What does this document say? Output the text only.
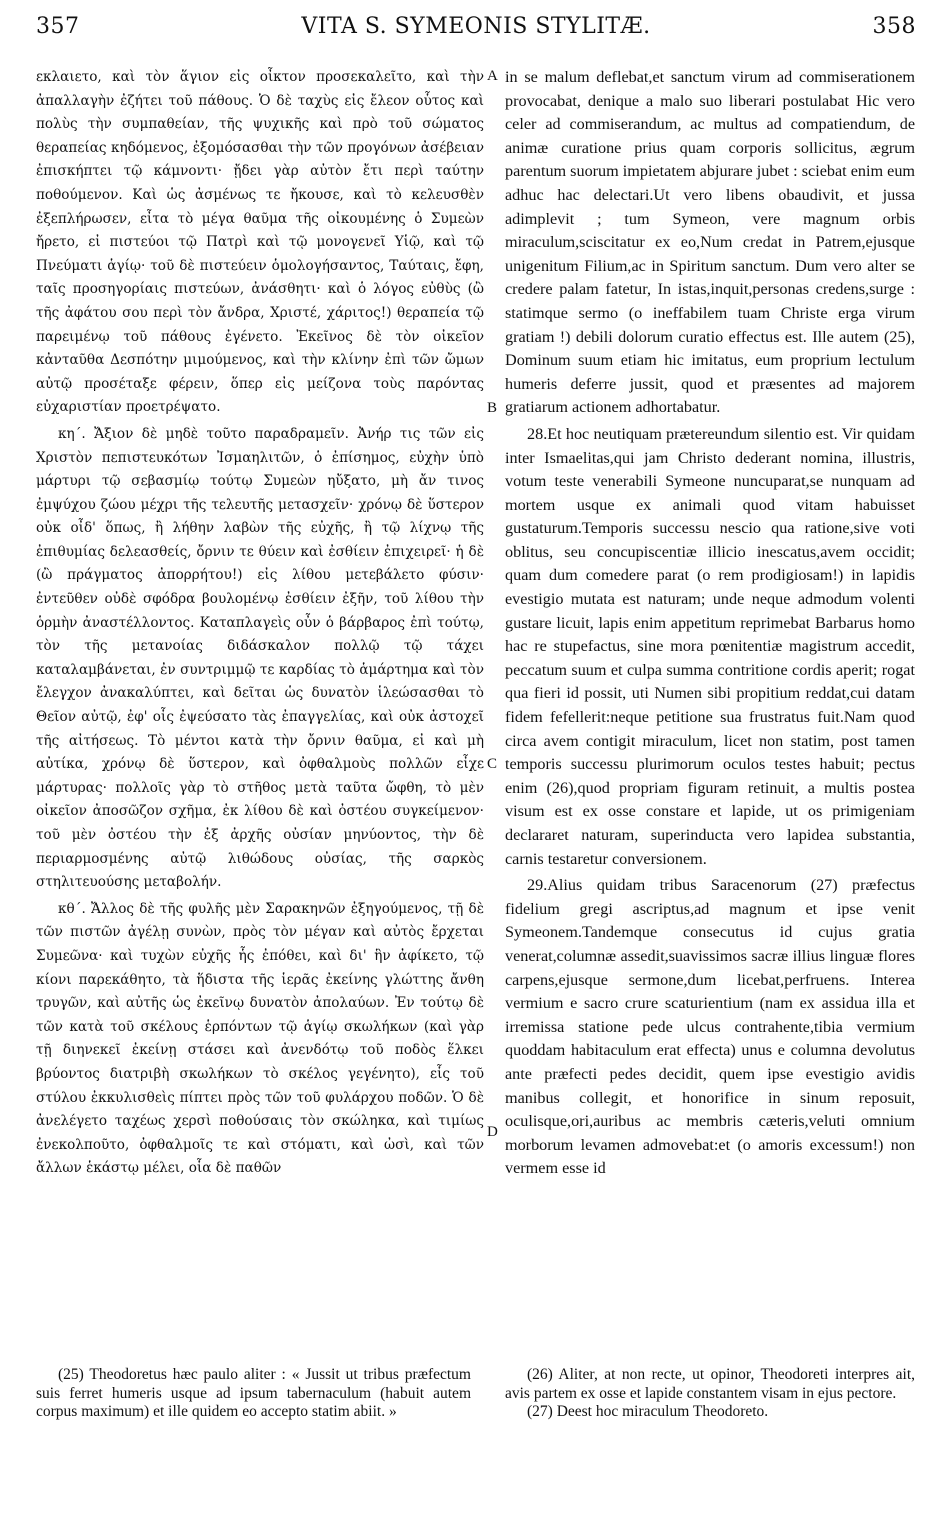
357	VITA S. SYMEONIS STYLITÆ.	358

εκλαιετο, καὶ τὸν ἅγιον εἰς οἶκτον προσεκαλεῖτο, καὶ τὴν ἀπαλλαγὴν ἐζήτει τοῦ πάθους. Ὁ δὲ ταχὺς εἰς ἔλεον οὗτος καὶ πολὺς τὴν συμπαθείαν, τῆς ψυχικῆς καὶ πρὸ τοῦ σώματος θεραπείας κηδόμενος, ἐξομόσασθαι τὴν τῶν προγόνων ἀσέβειαν ἐπισκήπτει τῷ κάμνοντι· ᾔδει γὰρ αὐτὸν ἔτι περὶ ταύτην ποθούμενον. Καὶ ὡς ἀσμένως τε ἤκουσε, καὶ τὸ κελευσθὲν ἐξεπλήρωσεν, εἶτα τὸ μέγα θαῦμα τῆς οἰκουμένης ὁ Συμεὼν ἤρετο, εἰ πιστεύοι τῷ Πατρὶ καὶ τῷ μονογενεῖ Υἱῷ, καὶ τῷ Πνεύματι ἁγίῳ· τοῦ δὲ πιστεύειν ὁμολογήσαντος, Ταύταις, ἔφη, ταῖς προσηγορίαις πιστεύων, ἀνάσθητι· καὶ ὁ λόγος εὐθὺς (ὢ τῆς ἀφάτου σου περὶ τὸν ἄνδρα, Χριστέ, χάριτος!) θεραπεία τῷ παρειμένῳ τοῦ πάθους ἐγένετο. Ἐκεῖνος δὲ τὸν οἰκεῖον κἀνταῦθα Δεσπότην μιμούμενος, καὶ τὴν κλίνην ἐπὶ τῶν ὤμων αὐτῷ προσέταξε φέρειν, ὅπερ εἰς μείζονα τοὺς παρόντας εὐχαριστίαν προετρέψατο.

κη΄. Ἄξιον δὲ μηδὲ τοῦτο παραδραμεῖν. Ἀνήρ τις τῶν εἰς Χριστὸν πεπιστευκότων Ἰσμαηλιτῶν, ὁ ἐπίσημος, εὐχὴν ὑπὸ μάρτυρι τῷ σεβασμίῳ τούτῳ Συμεὼν ηὔξατο, μὴ ἄν τινος ἐμψύχου ζώου μέχρι τῆς τελευτῆς μετασχεῖν· χρόνῳ δὲ ὕστερον οὐκ οἶδ' ὅπως, ἢ λήθην λαβὼν τῆς εὐχῆς, ἢ τῷ λίχνῳ τῆς ἐπιθυμίας δελεασθείς, ὄρνιν τε θύειν καὶ ἐσθίειν ἐπιχειρεῖ· ἡ δὲ (ὢ πράγματος ἀπορρήτου!) εἰς λίθου μετεβάλετο φύσιν· ἐντεῦθεν οὐδὲ σφόδρα βουλομένῳ ἐσθίειν ἐξῆν, τοῦ λίθου τὴν ὁρμὴν ἀναστέλλοντος. Καταπλαγεὶς οὖν ὁ βάρβαρος ἐπὶ τούτῳ, τὸν τῆς μετανοίας διδάσκαλον πολλῷ τῷ τάχει καταλαμβάνεται, ἐν συντριμμῷ τε καρδίας τὸ ἁμάρτημα καὶ τὸν ἔλεγχον ἀνακαλύπτει, καὶ δεῖται ὡς δυνατὸν ἱλεώσασθαι τὸ Θεῖον αὐτῷ, ἐφ' οἷς ἐψεύσατο τὰς ἐπαγγελίας, καὶ οὐκ ἀστοχεῖ τῆς αἰτήσεως. Τὸ μέντοι κατὰ τὴν ὄρνιν θαῦμα, εἰ καὶ μὴ αὐτίκα, χρόνῳ δὲ ὕστερον, καὶ ὀφθαλμοὺς πολλῶν εἶχε μάρτυρας· πολλοῖς γὰρ τὸ στῆθος μετὰ ταῦτα ὤφθη, τὸ μὲν οἰκεῖον ἀποσῶζον σχῆμα, ἐκ λίθου δὲ καὶ ὀστέου συγκείμενον· τοῦ μὲν ὀστέου τὴν ἐξ ἀρχῆς οὐσίαν μηνύοντος, τὴν δὲ περιαρμοσμένης αὐτῷ λιθώδους οὐσίας, τῆς σαρκὸς στηλιτευούσης μεταβολήν.

κθ΄. Ἄλλος δὲ τῆς φυλῆς μὲν Σαρακηνῶν ἐξηγούμενος, τῇ δὲ τῶν πιστῶν ἀγέλῃ συνὼν, πρὸς τὸν μέγαν καὶ αὐτὸς ἔρχεται Συμεῶνα· καὶ τυχὼν εὐχῆς ἧς ἐπόθει, καὶ δι' ἣν ἀφίκετο, τῷ κίονι παρεκάθητο, τὰ ἥδιστα τῆς ἱερᾶς ἐκείνης γλώττης ἄνθη τρυγῶν, καὶ αὐτῆς ὡς ἐκεῖνῳ δυνατὸν ἀπολαύων. Ἐν τούτῳ δὲ τῶν κατὰ τοῦ σκέλους ἑρπόντων τῷ ἁγίῳ σκωλήκων (καὶ γὰρ τῇ διηνεκεῖ ἐκείνῃ στάσει καὶ ἀνενδότῳ τοῦ ποδὸς ἕλκει βρύοντος διατριβὴ σκωλήκων τὸ σκέλος γεγένητο), εἷς τοῦ στύλου ἐκκυλισθεὶς πίπτει πρὸς τῶν τοῦ φυλάρχου ποδῶν. Ὁ δὲ ἀνελέγετο ταχέως χερσὶ ποθούσαις τὸν σκώληκα, καὶ τιμίως ἐνεκολποῦτο, ὀφθαλμοῖς τε καὶ στόματι, καὶ ὠσὶ, καὶ τῶν ἄλλων ἑκάστῳ μέλει, οἷα δὲ παθῶν

A
B
C
D

in se malum deflebat,et sanctum virum ad commiserationem provocabat, denique a malo suo liberari postulabat Hic vero celer ad commiserandum, ac multus ad compatiendum, de animæ curatione prius quam corporis sollicitus, ægrum parentum suorum impietatem abjurare jubet : sciebat enim eum adhuc hac delectari.Ut vero libens obaudivit, et jussa adimplevit ; tum Symeon, vere magnum orbis miraculum,sciscitatur ex eo,Num credat in Patrem,ejusque unigenitum Filium,ac in Spiritum sanctum. Dum vero alter se credere palam fatetur, In istas,inquit,personas credens,surge : statimque sermo (o ineffabilem tuam Christe erga virum gratiam !) debili dolorum curatio effectus est. Ille autem (25), Dominum suum etiam hic imitatus, eum proprium lectulum humeris deferre jussit, quod et præsentes ad majorem gratiarum actionem adhortabatur.

28.Et hoc neutiquam prætereundum silentio est. Vir quidam inter Ismaelitas,qui jam Christo dederant nomina, illustris, votum teste venerabili Symeone nuncuparat,se nunquam ad mortem usque ex animali quod vitam habuisset gustaturum.Temporis successu nescio qua ratione,sive voti oblitus, seu concupiscentiæ illicio inescatus,avem occidit; quam dum comedere parat (o rem prodigiosam!) in lapidis evestigio mutata est naturam; unde neque admodum volenti gustare licuit, lapis enim appetitum reprimebat Barbarus homo hac re stupefactus, sine mora pœnitentiæ magistrum accedit, peccatum suum et culpa summa contritione cordis aperit; rogat qua fieri id possit, uti Numen sibi propitium reddat,cui datam fidem fefellerit:neque petitione sua frustratus fuit.Nam quod circa avem contigit miraculum, licet non statim, post tamen temporis successu plurimorum oculos testes habuit; pectus enim (26),quod propriam figuram retinuit, a multis postea visum est ex osse constare et lapide, ut os primigeniam declararet naturam, superinducta vero lapidea substantia, carnis testaretur conversionem.

29.Alius quidam tribus Saracenorum (27) præfectus fidelium gregi ascriptus,ad magnum et ipse venit Symeonem.Tandemque consecutus id cujus gratia venerat,columnæ assedit,suavissimos sacræ illius linguæ flores carpens,ejusque sermone,dum licebat,perfruens. Interea vermium e sacro crure scaturientium (nam ex assidua illa et irremissa statione pede ulcus contrahente,tibia vermium quoddam habitaculum erat effecta) unus e columna devolutus ante præfecti pedes decidit, quem ipse evestigio avidis manibus collegit, et honorifice in sinum reposuit, oculisque,ori,auribus ac membris cæteris,veluti omnium morborum levamen admovebat:et (o amoris excessum!) non vermem esse id

(25) Theodoretus hæc paulo aliter : « Jussit ut tribus præfectum suis ferret humeris usque ad ipsum tabernaculum (habuit autem corpus maximum) et ille quidem eo accepto statim abiit. »

(26) Aliter, at non recte, ut opinor, Theodoreti interpres ait, avis partem ex osse et lapide constantem visam in ejus pectore.

(27) Deest hoc miraculum Theodoreto.
